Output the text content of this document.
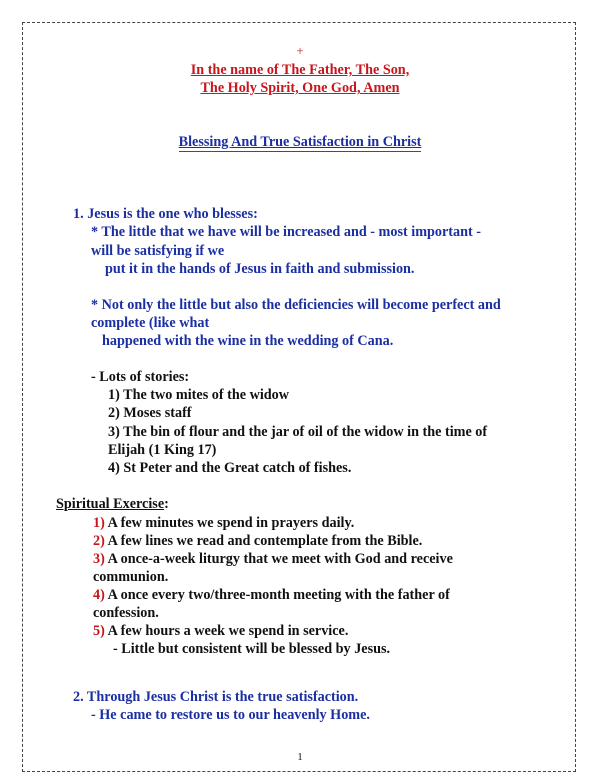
+
In the name of The Father, The Son,
The Holy Spirit, One God, Amen
Blessing And True Satisfaction in Christ
1. Jesus is the one who blesses:
* The little that we have will be increased and - most important -
will be satisfying if we
put it in the hands of Jesus in faith and submission.
* Not only the little but also the deficiencies will become perfect and
complete (like what
happened with the wine in the wedding of Cana.
- Lots of stories:
1) The two mites of the widow
2) Moses staff
3) The bin of flour and the jar of oil of the widow in the time of
Elijah (1 King 17)
4) St Peter and the Great catch of fishes.
Spiritual Exercise:
1) A few minutes we spend in prayers daily.
2) A few lines we read and contemplate from the Bible.
3) A once-a-week liturgy that we meet with God and receive
communion.
4) A once every two/three-month meeting with the father of
confession.
5) A few hours a week we spend in service.
- Little but consistent will be blessed by Jesus.
2. Through Jesus Christ is the true satisfaction.
- He came to restore us to our heavenly Home.
1
